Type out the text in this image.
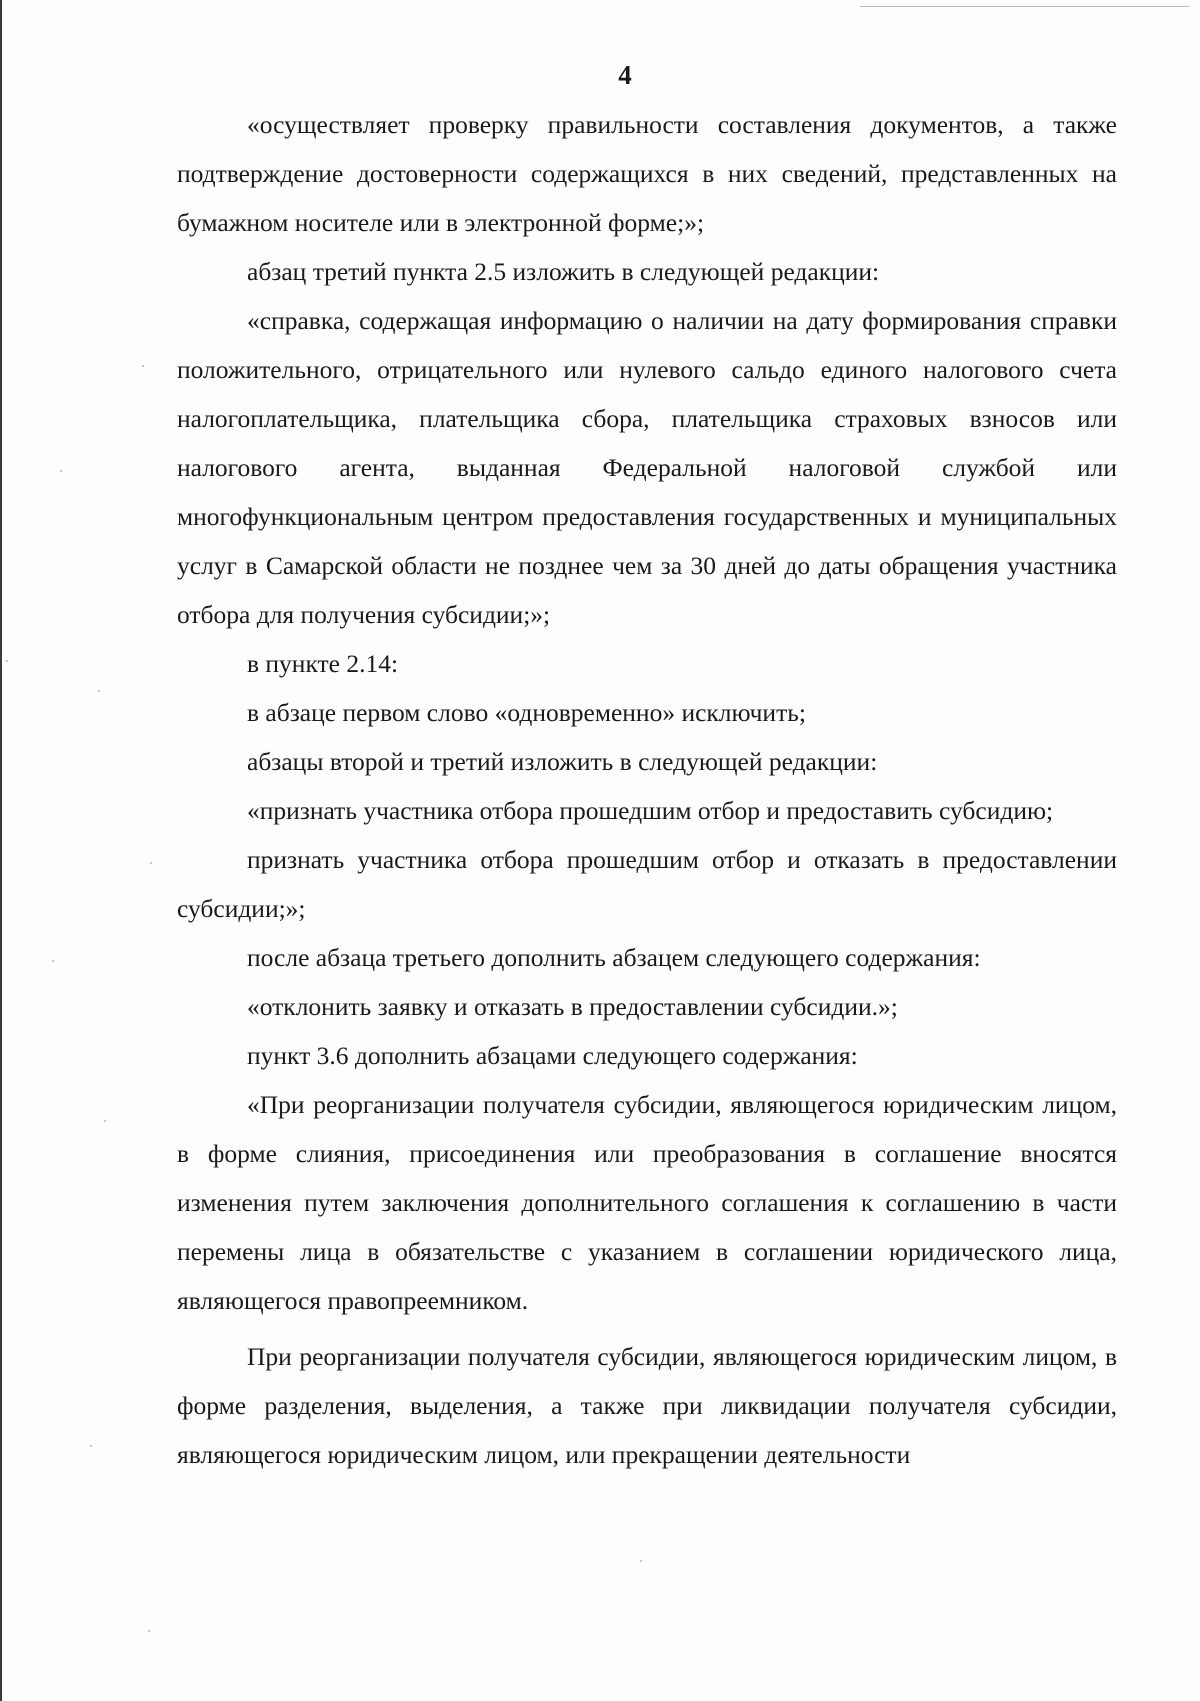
4

«осуществляет проверку правильности составления документов, а также подтверждение достоверности содержащихся в них сведений, представленных на бумажном носителе или в электронной форме;»;

абзац третий пункта 2.5 изложить в следующей редакции:

«справка, содержащая информацию о наличии на дату формирования справки положительного, отрицательного или нулевого сальдо единого налогового счета налогоплательщика, плательщика сбора, плательщика страховых взносов или налогового агента, выданная Федеральной налоговой службой или многофункциональным центром предоставления государственных и муниципальных услуг в Самарской области не позднее чем за 30 дней до даты обращения участника отбора для получения субсидии;»;

в пункте 2.14:

в абзаце первом слово «одновременно» исключить;

абзацы второй и третий изложить в следующей редакции:

«признать участника отбора прошедшим отбор и предоставить субсидию;

признать участника отбора прошедшим отбор и отказать в предоставлении субсидии;»;

после абзаца третьего дополнить абзацем следующего содержания:

«отклонить заявку и отказать в предоставлении субсидии.»;

пункт 3.6 дополнить абзацами следующего содержания:

«При реорганизации получателя субсидии, являющегося юридическим лицом, в форме слияния, присоединения или преобразования в соглашение вносятся изменения путем заключения дополнительного соглашения к соглашению в части перемены лица в обязательстве с указанием в соглашении юридического лица, являющегося правопреемником.

При реорганизации получателя субсидии, являющегося юридическим лицом, в форме разделения, выделения, а также при ликвидации получателя субсидии, являющегося юридическим лицом, или прекращении деятельности
